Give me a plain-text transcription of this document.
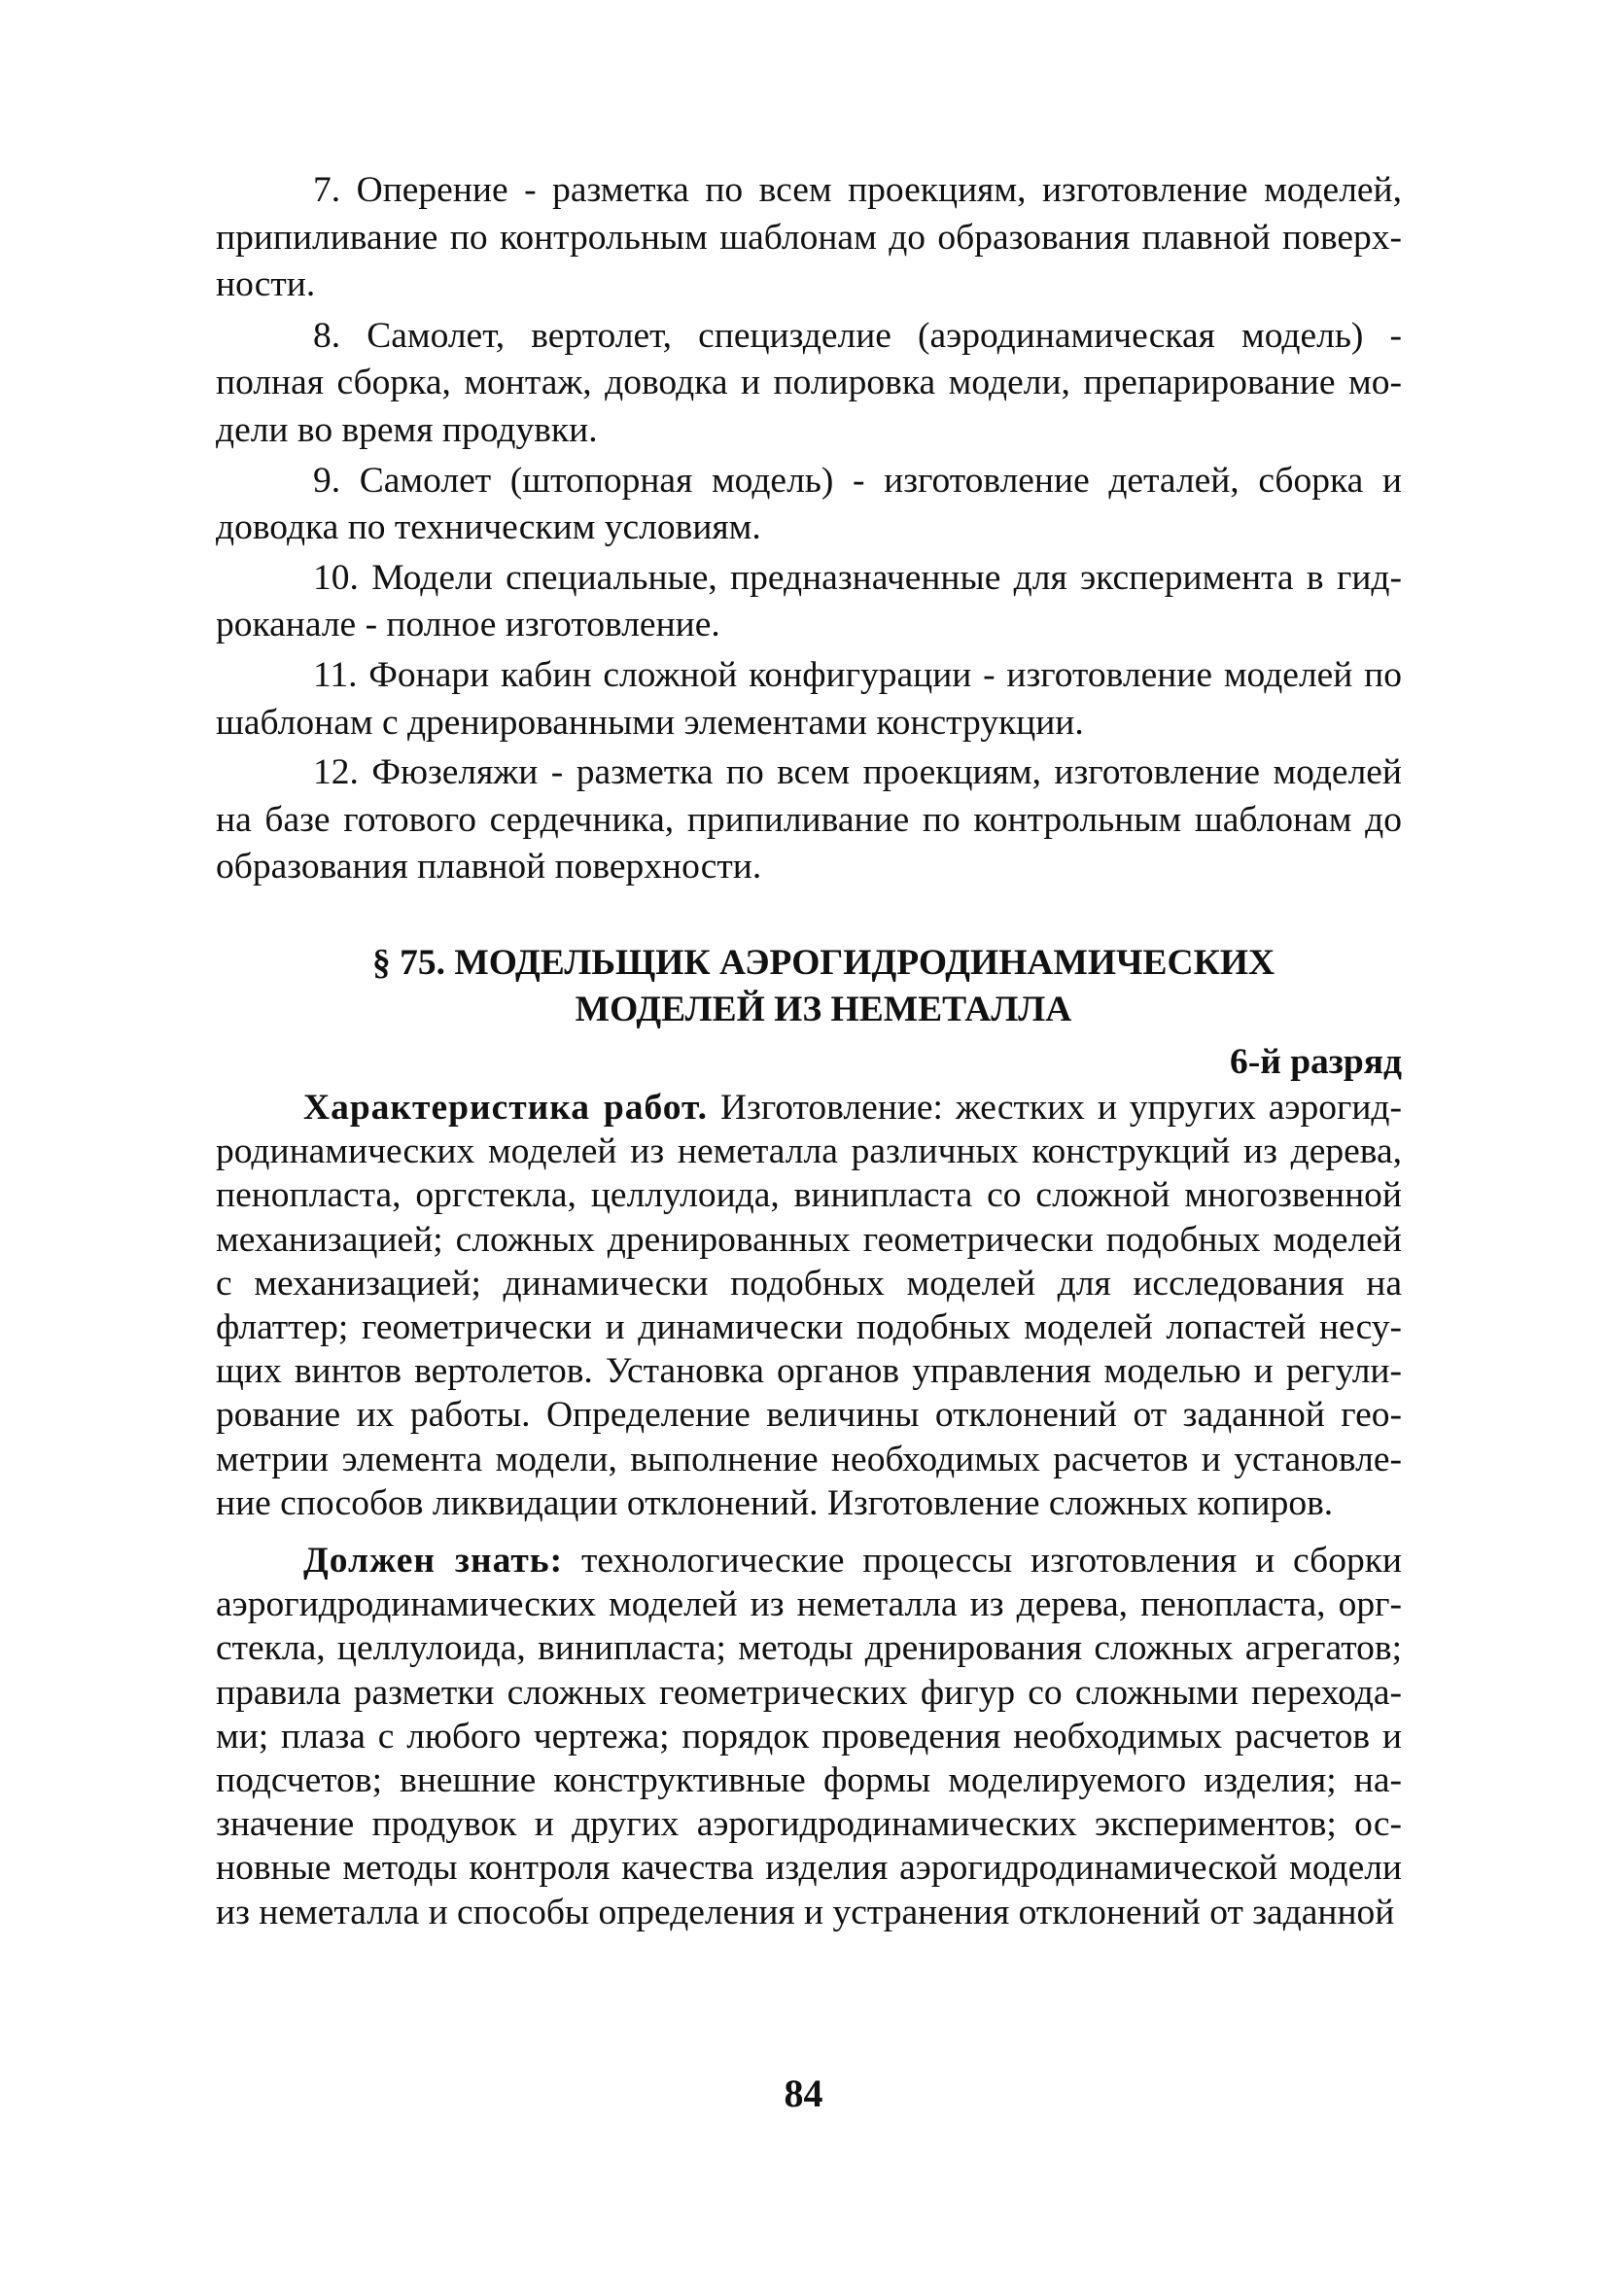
7. Оперение - разметка по всем проекциям, изготовление моделей, припиливание по контрольным шаблонам до образования плавной поверхности.

8. Самолет, вертолет, специзделие (аэродинамическая модель) - полная сборка, монтаж, доводка и полировка модели, препарирование модели во время продувки.

9. Самолет (штопорная модель) - изготовление деталей, сборка и доводка по техническим условиям.

10. Модели специальные, предназначенные для эксперимента в гидроканале - полное изготовление.

11. Фонари кабин сложной конфигурации - изготовление моделей по шаблонам с дренированными элементами конструкции.

12. Фюзеляжи - разметка по всем проекциям, изготовление моделей на базе готового сердечника, припиливание по контрольным шаблонам до образования плавной поверхности.

§ 75. МОДЕЛЬЩИК АЭРОГИДРОДИНАМИЧЕСКИХ
МОДЕЛЕЙ ИЗ НЕМЕТАЛЛА
6-й разряд

Характеристика работ. Изготовление: жестких и упругих аэрогидродинамических моделей из неметалла различных конструкций из дерева, пенопласта, оргстекла, целлулоида, винипласта со сложной многозвенной механизацией; сложных дренированных геометрически подобных моделей с механизацией; динамически подобных моделей для исследования на флаттер; геометрически и динамически подобных моделей лопастей несущих винтов вертолетов. Установка органов управления моделью и регулирование их работы. Определение величины отклонений от заданной геометрии элемента модели, выполнение необходимых расчетов и установление способов ликвидации отклонений. Изготовление сложных копиров.

Должен знать: технологические процессы изготовления и сборки аэрогидродинамических моделей из неметалла из дерева, пенопласта, оргстекла, целлулоида, винипласта; методы дренирования сложных агрегатов; правила разметки сложных геометрических фигур со сложными переходами; плаза с любого чертежа; порядок проведения необходимых расчетов и подсчетов; внешние конструктивные формы моделируемого изделия; назначение продувок и других аэрогидродинамических экспериментов; основные методы контроля качества изделия аэрогидродинамической модели из неметалла и способы определения и устранения отклонений от заданной

84
